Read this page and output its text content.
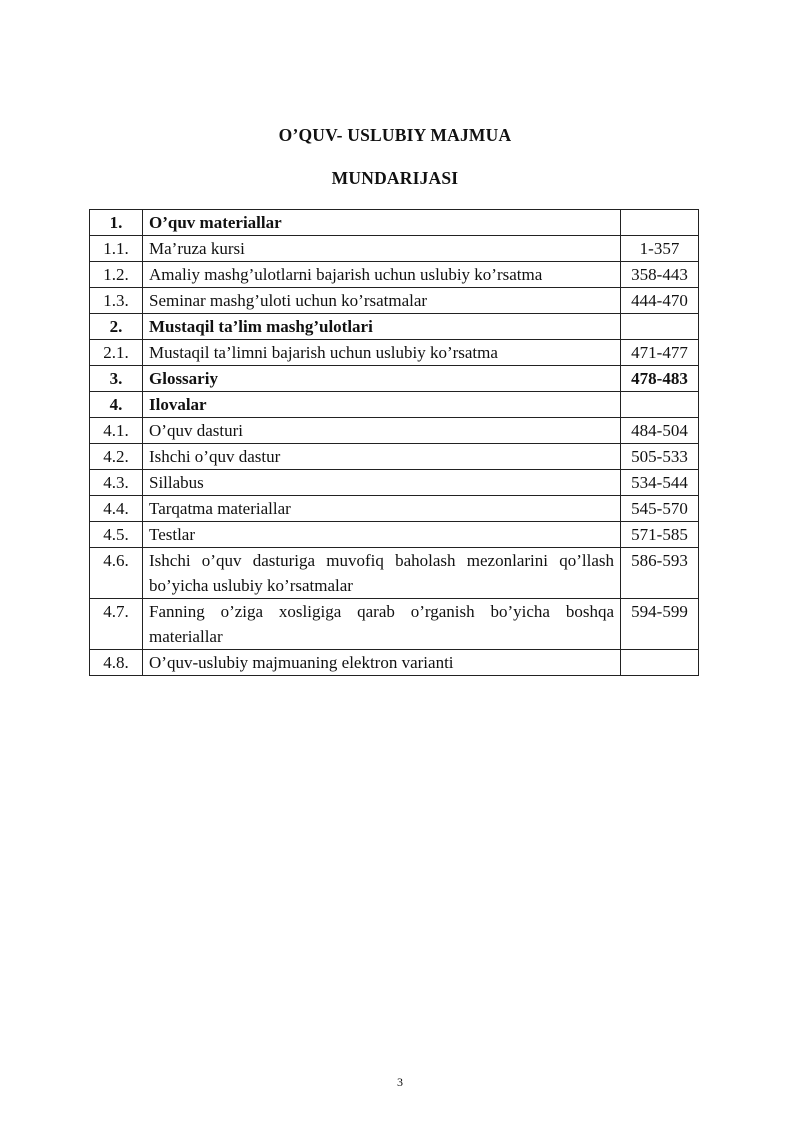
O’QUV- USLUBIY MAJMUA
MUNDARIJASI
1.	O’quv materiallar	
1.1.	Ma’ruza kursi	1-357
1.2.	Amaliy mashg’ulotlarni bajarish uchun uslubiy ko’rsatma	358-443
1.3.	Seminar mashg’uloti uchun ko’rsatmalar	444-470
2.	Mustaqil ta’lim mashg’ulotlari	
2.1.	Mustaqil ta’limni bajarish uchun uslubiy ko’rsatma	471-477
3.	Glossariy	478-483
4.	Ilovalar	
4.1.	O’quv dasturi	484-504
4.2.	Ishchi o’quv dastur	505-533
4.3.	Sillabus	534-544
4.4.	Tarqatma materiallar	545-570
4.5.	Testlar	571-585
4.6.	Ishchi o’quv dasturiga muvofiq baholash mezonlarini qo’llash bo’yicha uslubiy ko’rsatmalar	586-593
4.7.	Fanning o’ziga xosligiga qarab o’rganish bo’yicha boshqa materiallar	594-599
4.8.	O’quv-uslubiy majmuaning elektron varianti	
3
